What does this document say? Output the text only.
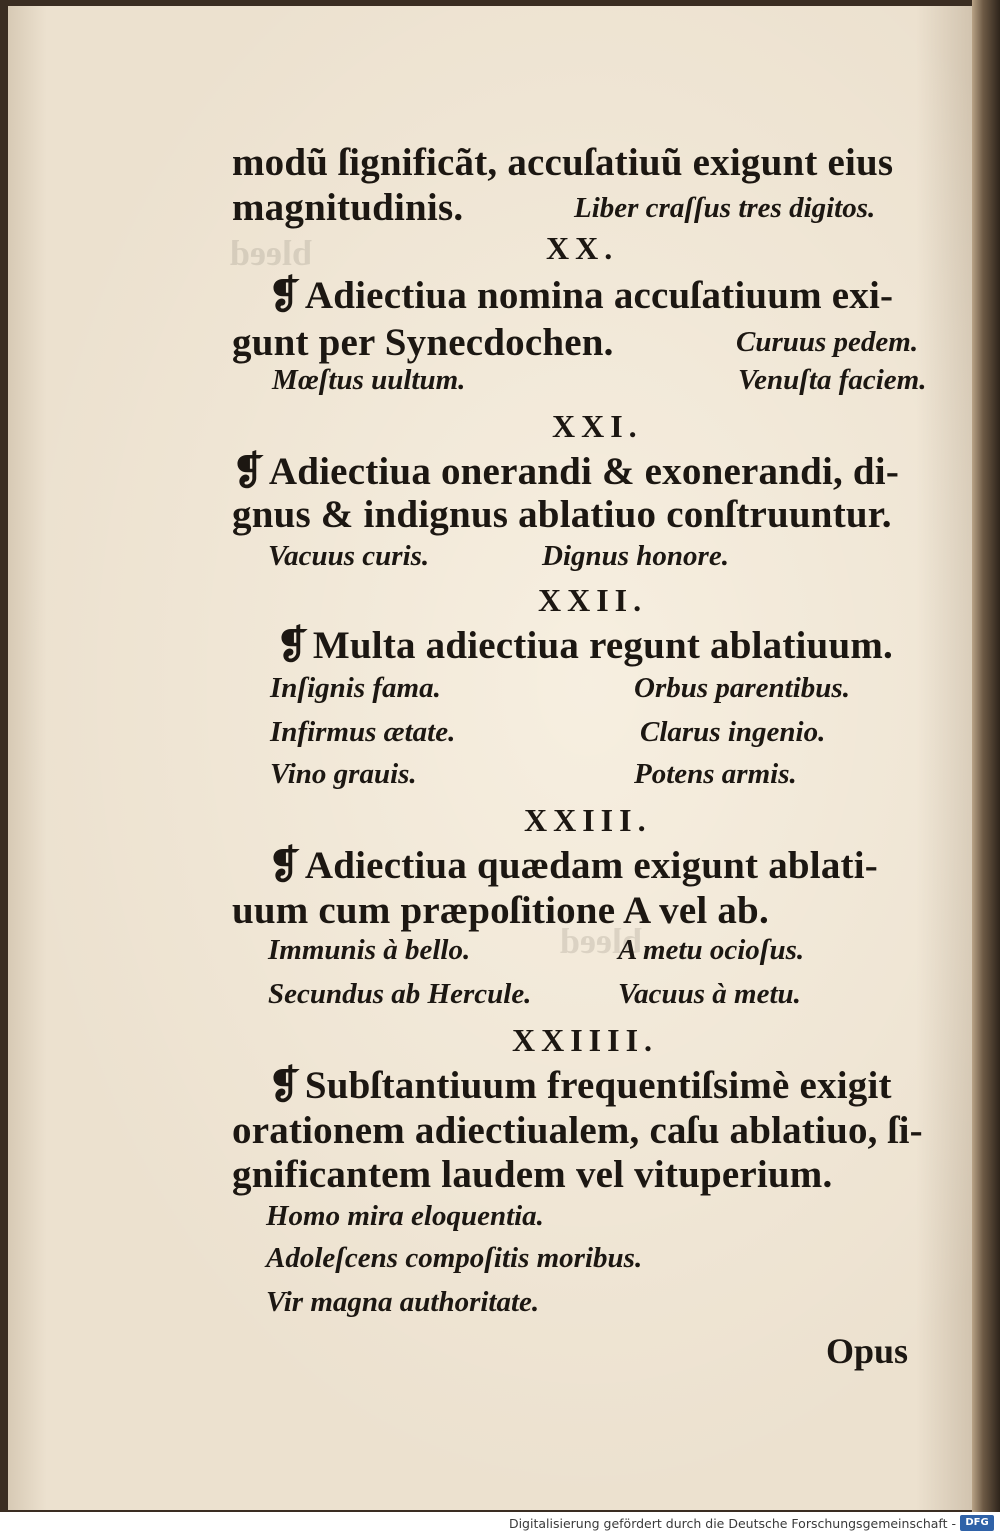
bleed
bleed
modũ ſignificãt, accuſatiuũ exigunt eius
magnitudinis.	Liber craſſus tres digitos.
XX.
❡ Adiectiua nomina accuſatiuum exi-
gunt per Synecdochen.	Curuus pedem.
Mœſtus uultum.	Venuſta faciem.
XXI.
❡ Adiectiua onerandi & exonerandi, di-
gnus & indignus ablatiuo conſtruuntur.
Vacuus curis.	Dignus honore.
XXII.
❡ Multa adiectiua regunt ablatiuum.
Inſignis fama.	Orbus parentibus.
Infirmus ætate.	Clarus ingenio.
Vino grauis.	Potens armis.
XXIII.
❡ Adiectiua quædam exigunt ablati-
uum cum præpoſitione A vel ab.
Immunis à bello.	A metu ocioſus.
Secundus ab Hercule.	Vacuus à metu.
XXIIII.
❡ Subſtantiuum frequentiſsimè exigit
orationem adiectiualem, caſu ablatiuo, ſi-
gnificantem laudem vel vituperium.
Homo mira eloquentia.
Adoleſcens compoſitis moribus.
Vir magna authoritate.
Opus
Digitalisierung gefördert durch die Deutsche Forschungsgemeinschaft - DFG
